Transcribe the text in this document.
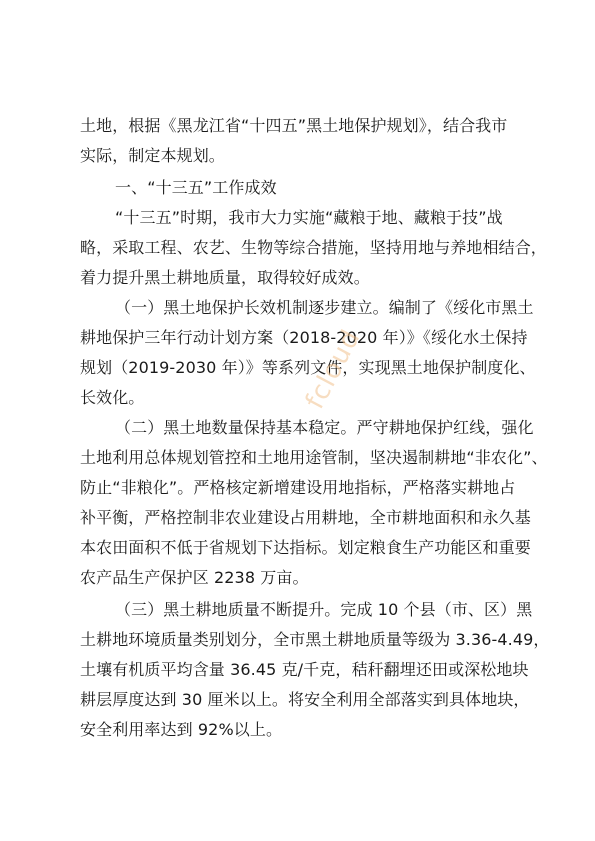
土地，根据《黑龙江省“十四五”黑土地保护规划》，结合我市
实际，制定本规划。
一、“十三五”工作成效
“十三五”时期，我市大力实施“藏粮于地、藏粮于技”战
略，采取工程、农艺、生物等综合措施，坚持用地与养地相结合，
着力提升黑土耕地质量，取得较好成效。
（一）黑土地保护长效机制逐步建立。编制了《绥化市黑土
耕地保护三年行动计划方案（2018-2020 年）》《绥化水土保持
规划（2019-2030 年）》等系列文件，实现黑土地保护制度化、
长效化。
（二）黑土地数量保持基本稳定。严守耕地保护红线，强化
土地利用总体规划管控和土地用途管制，坚决遏制耕地“非农化”、
防止“非粮化”。严格核定新增建设用地指标，严格落实耕地占
补平衡，严格控制非农业建设占用耕地，全市耕地面积和永久基
本农田面积不低于省规划下达指标。划定粮食生产功能区和重要
农产品生产保护区 2238 万亩。
（三）黑土耕地质量不断提升。完成 10 个县（市、区）黑
土耕地环境质量类别划分，全市黑土耕地质量等级为 3.36-4.49，
土壤有机质平均含量 36.45 克/千克，秸秆翻埋还田或深松地块
耕层厚度达到 30 厘米以上。将安全利用全部落实到具体地块，
安全利用率达到 92%以上。
fcloud
